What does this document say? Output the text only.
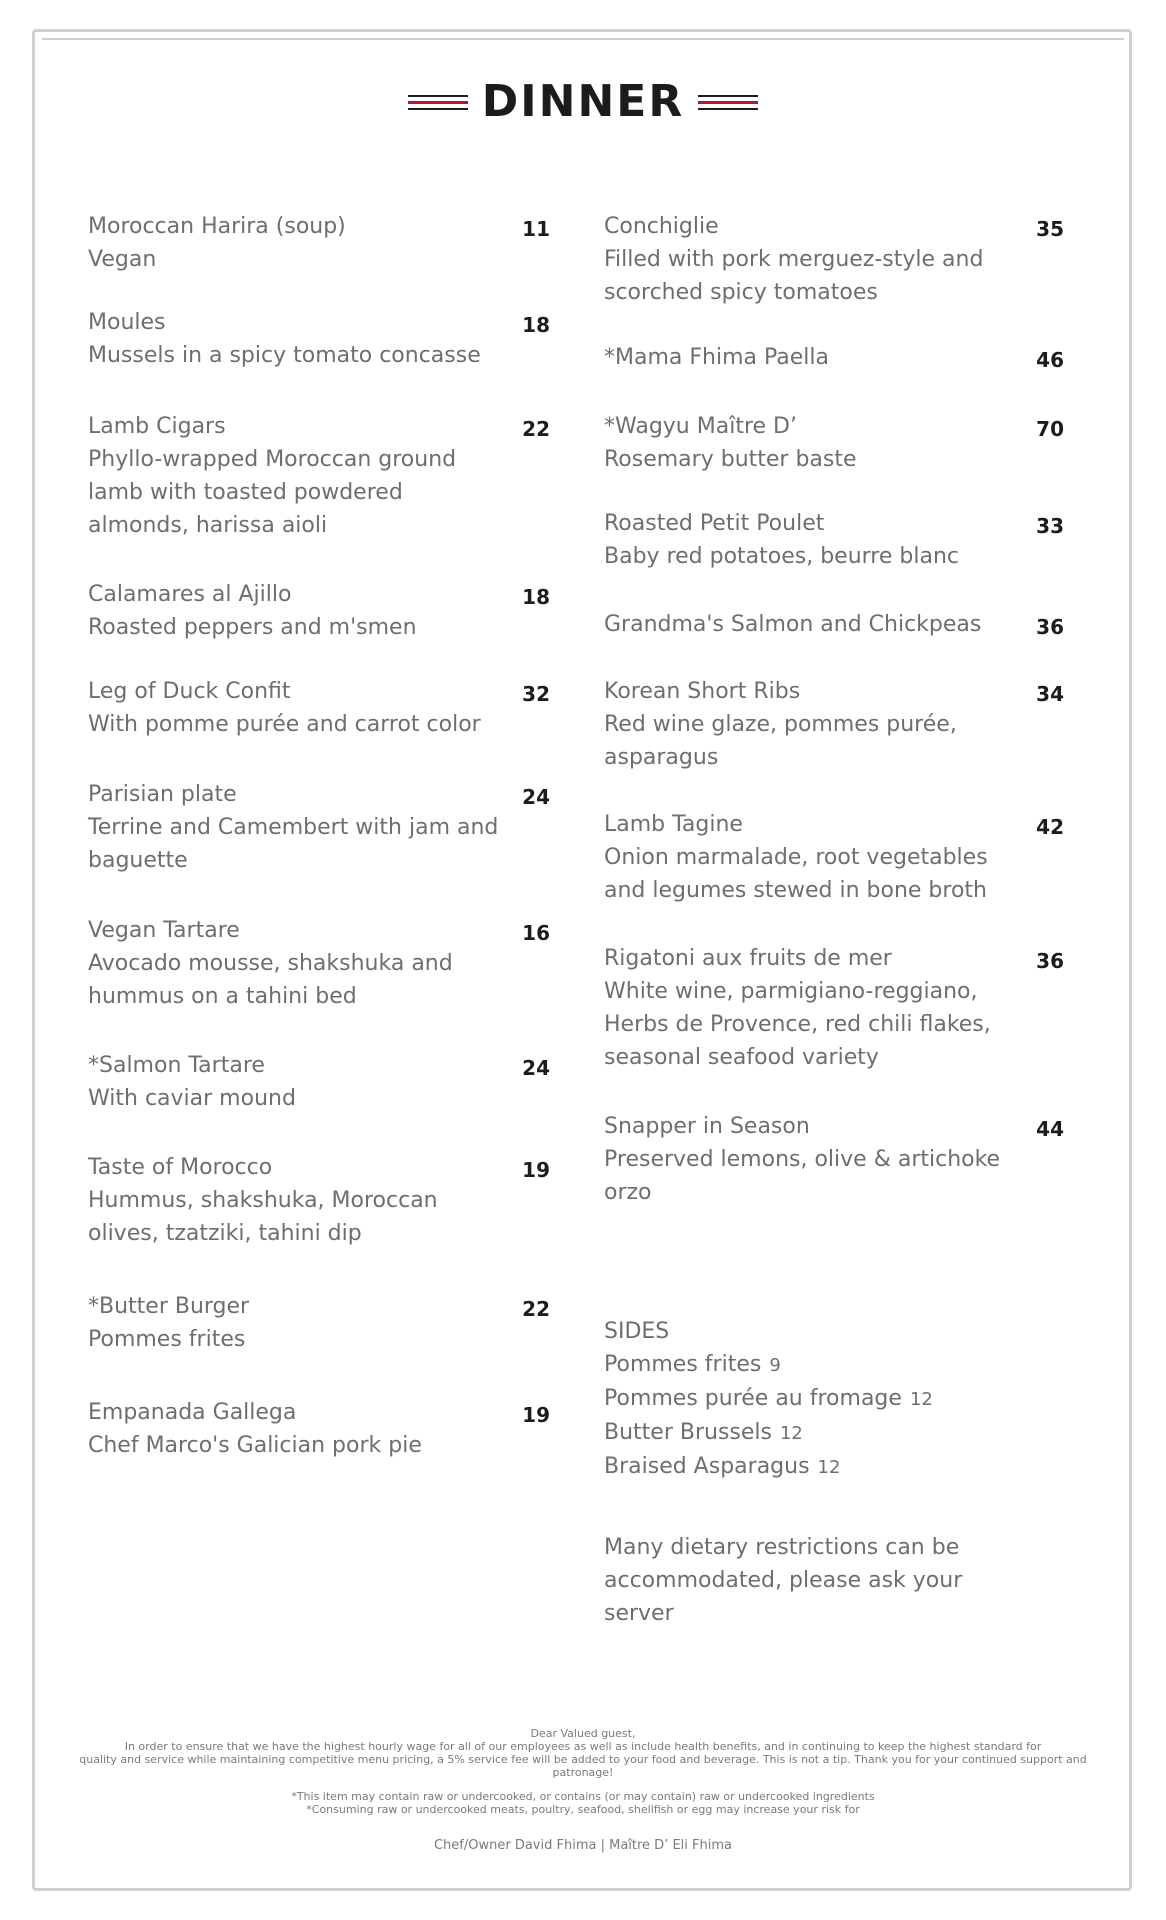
DINNER
Moroccan Harira (soup)
Vegan
11
Moules
Mussels in a spicy tomato concasse
18
Lamb Cigars
Phyllo-wrapped Moroccan ground lamb with toasted powdered almonds, harissa aioli
22
Calamares al Ajillo
Roasted peppers and m'smen
18
Leg of Duck Confit
With pomme purée and carrot color
32
Parisian plate
Terrine and Camembert with jam and baguette
24
Vegan Tartare
Avocado mousse, shakshuka and hummus on a tahini bed
16
*Salmon Tartare
With caviar mound
24
Taste of Morocco
Hummus, shakshuka, Moroccan olives, tzatziki, tahini dip
19
*Butter Burger
Pommes frites
22
Empanada Gallega
Chef Marco's Galician pork pie
19
Conchiglie
Filled with pork merguez-style and scorched spicy tomatoes
35
*Mama Fhima Paella	46
*Wagyu Maître D’
Rosemary butter baste
70
Roasted Petit Poulet
Baby red potatoes, beurre blanc
33
Grandma's Salmon and Chickpeas	36
Korean Short Ribs
Red wine glaze, pommes purée, asparagus
34
Lamb Tagine
Onion marmalade, root vegetables and legumes stewed in bone broth
42
Rigatoni aux fruits de mer
White wine, parmigiano-reggiano, Herbs de Provence, red chili flakes, seasonal seafood variety
36
Snapper in Season
Preserved lemons, olive & artichoke orzo
44
SIDES
Pommes frites 9
Pommes purée au fromage 12
Butter Brussels 12
Braised Asparagus 12
Many dietary restrictions can be accommodated, please ask your server

Dear Valued guest,

In order to ensure that we have the highest hourly wage for all of our employees as well as include health benefits, and in continuing to keep the highest standard for

quality and service while maintaining competitive menu pricing, a 5% service fee will be added to your food and beverage. This is not a tip. Thank you for your continued support and patronage!

*This item may contain raw or undercooked, or contains (or may contain) raw or undercooked ingredients

*Consuming raw or undercooked meats, poultry, seafood, shellfish or egg may increase your risk for

Chef/Owner David Fhima | Maître D’ Eli Fhima
